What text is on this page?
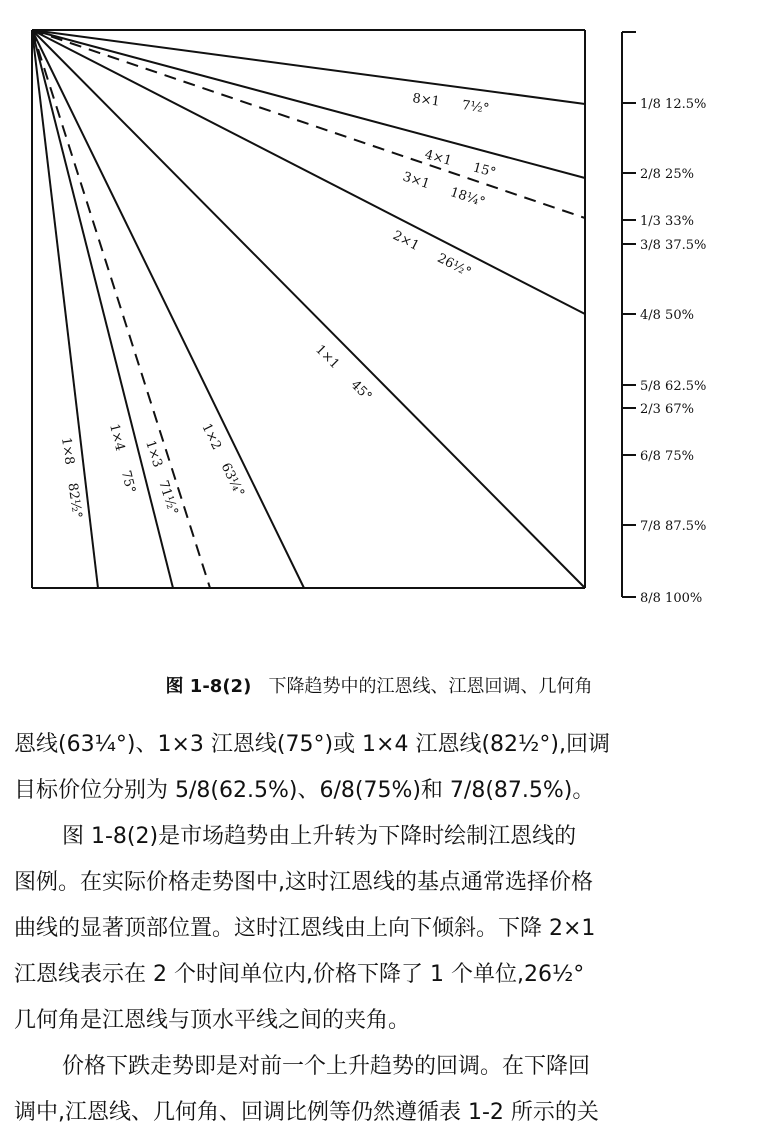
8×1 7½°
4×1
15°
3×1
18¼°
2×1
26½°
1×1
45°
1×2
63¼°
1×3
71½°
1×4
75°
1×8
82½°
1/8 12.5%
2/8 25%
1/3 33%
3/8 37.5%
4/8 50%
5/8 62.5%
2/3 67%
6/8 75%
7/8 87.5%
8/8 100%
图 1-8(2) 下降趋势中的江恩线、江恩回调、几何角
恩线(63¼°)、1×3 江恩线(75°)或 1×4 江恩线(82½°),回调
目标价位分别为 5/8(62.5%)、6/8(75%)和 7/8(87.5%)。
图 1-8(2)是市场趋势由上升转为下降时绘制江恩线的
图例。在实际价格走势图中,这时江恩线的基点通常选择价格
曲线的显著顶部位置。这时江恩线由上向下倾斜。下降 2×1
江恩线表示在 2 个时间单位内,价格下降了 1 个单位,26½°
几何角是江恩线与顶水平线之间的夹角。
价格下跌走势即是对前一个上升趋势的回调。在下降回
调中,江恩线、几何角、回调比例等仍然遵循表 1-2 所示的关
